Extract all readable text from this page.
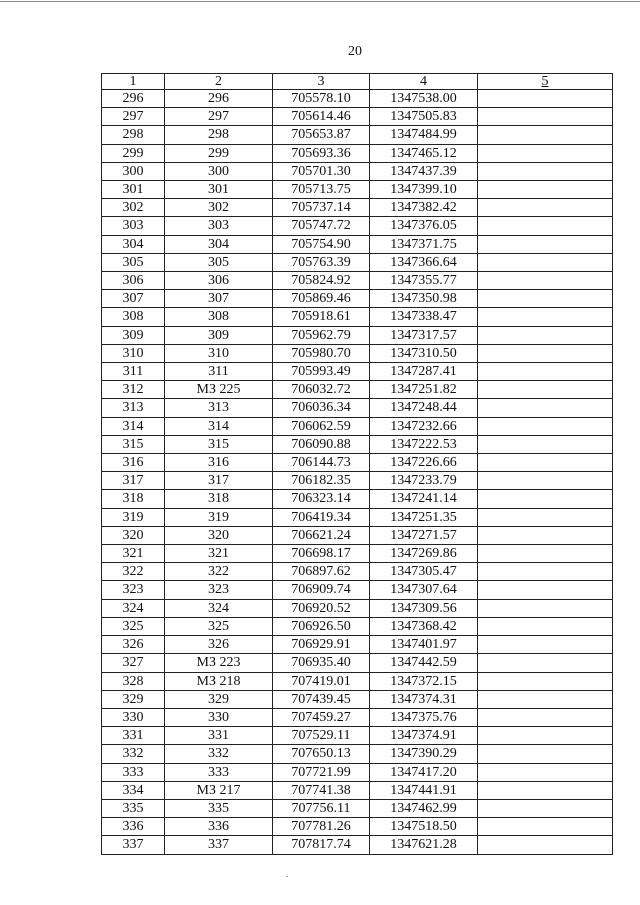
20
1	2	3	4	5
296	296	705578.10	1347538.00	
297	297	705614.46	1347505.83	
298	298	705653.87	1347484.99	
299	299	705693.36	1347465.12	
300	300	705701.30	1347437.39	
301	301	705713.75	1347399.10	
302	302	705737.14	1347382.42	
303	303	705747.72	1347376.05	
304	304	705754.90	1347371.75	
305	305	705763.39	1347366.64	
306	306	705824.92	1347355.77	
307	307	705869.46	1347350.98	
308	308	705918.61	1347338.47	
309	309	705962.79	1347317.57	
310	310	705980.70	1347310.50	
311	311	705993.49	1347287.41	
312	МЗ 225	706032.72	1347251.82	
313	313	706036.34	1347248.44	
314	314	706062.59	1347232.66	
315	315	706090.88	1347222.53	
316	316	706144.73	1347226.66	
317	317	706182.35	1347233.79	
318	318	706323.14	1347241.14	
319	319	706419.34	1347251.35	
320	320	706621.24	1347271.57	
321	321	706698.17	1347269.86	
322	322	706897.62	1347305.47	
323	323	706909.74	1347307.64	
324	324	706920.52	1347309.56	
325	325	706926.50	1347368.42	
326	326	706929.91	1347401.97	
327	МЗ 223	706935.40	1347442.59	
328	МЗ 218	707419.01	1347372.15	
329	329	707439.45	1347374.31	
330	330	707459.27	1347375.76	
331	331	707529.11	1347374.91	
332	332	707650.13	1347390.29	
333	333	707721.99	1347417.20	
334	МЗ 217	707741.38	1347441.91	
335	335	707756.11	1347462.99	
336	336	707781.26	1347518.50	
337	337	707817.74	1347621.28	
